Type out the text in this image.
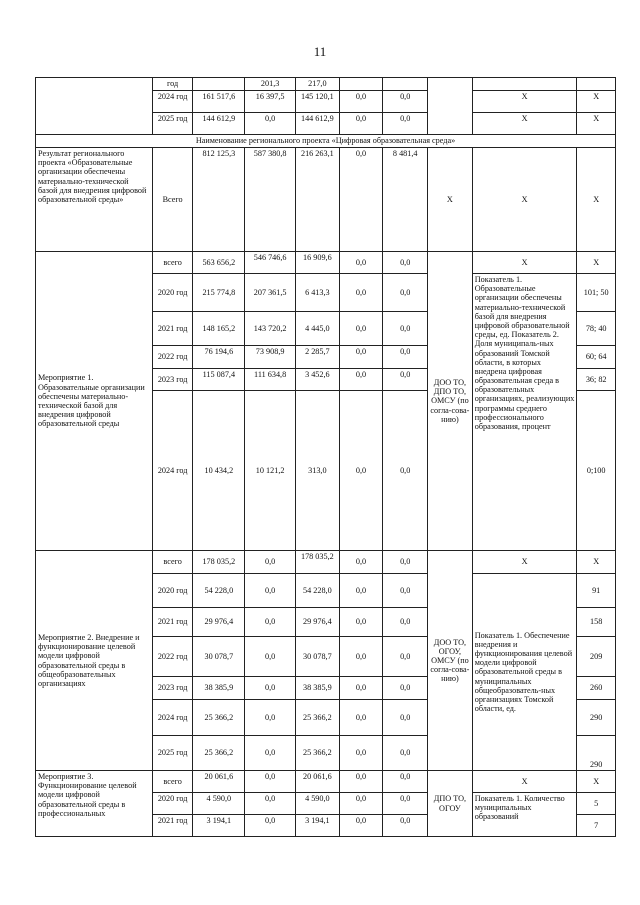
11
	год		201,3	217,0					
	2024 год	161 517,6	16 397,5	145 120,1	0,0	0,0		X	X
	2025 год	144 612,9	0,0	144 612,9	0,0	0,0		X	X
Наименование регионального проекта «Цифровая образовательная среда»									
Результат регионального проекта «Образовательные организации обеспечены материально-технической базой для внедрения цифровой образовательной среды»	Всего	812 125,3	587 380,8	216 263,1	0,0	8 481,4	X	X	X
Мероприятие 1. Образовательные организации обеспечены материально-технической базой для внедрения цифровой образовательной среды	всего	563 656,2	546 746,6	16 909,6	0,0	0,0	ДОО ТО, ДПО ТО, ОМСУ (по согла-сова-нию)	X	X
	2020 год	215 774,8	207 361,5	6 413,3	0,0	0,0		Показатель 1. Образовательные организации обеспечены материально-технической базой для внедрения цифровой образовательной среды, ед. Показатель 2. Доля муниципаль-ных образований Томской области, в которых внедрена цифровая образовательная среда в образовательных организациях, реализующих программы среднего профессионального образования, процент	101; 50
	2021 год	148 165,2	143 720,2	4 445,0	0,0	0,0			78; 40
	2022 год	76 194,6	73 908,9	2 285,7	0,0	0,0			60; 64
	2023 год	115 087,4	111 634,8	3 452,6	0,0	0,0			36; 82
	2024 год	10 434,2	10 121,2	313,0	0,0	0,0			0;100
Мероприятие 2. Внедрение и функционирование целевой модели цифровой образовательной среды в общеобразовательных организациях	всего	178 035,2	0,0	178 035,2	0,0	0,0	ДОО ТО, ОГОУ, ОМСУ (по согла-сова-нию)	X	X
	2020 год	54 228,0	0,0	54 228,0	0,0	0,0		Показатель 1. Обеспечение внедрения и функционирования целевой модели цифровой образовательной среды в муниципальных общеобразователь-ных организациях Томской области, ед.	91
	2021 год	29 976,4	0,0	29 976,4	0,0	0,0			158
	2022 год	30 078,7	0,0	30 078,7	0,0	0,0			209
	2023 год	38 385,9	0,0	38 385,9	0,0	0,0			260
	2024 год	25 366,2	0,0	25 366,2	0,0	0,0			290
	2025 год	25 366,2	0,0	25 366,2	0,0	0,0			290
Мероприятие 3. Функционирование целевой модели цифровой образовательной среды в профессиональных	всего	20 061,6	0,0	20 061,6	0,0	0,0	ДПО ТО, ОГОУ	X	X
	2020 год	4 590,0	0,0	4 590,0	0,0	0,0		Показатель 1. Количество муниципальных образований	5
	2021 год	3 194,1	0,0	3 194,1	0,0	0,0			7
